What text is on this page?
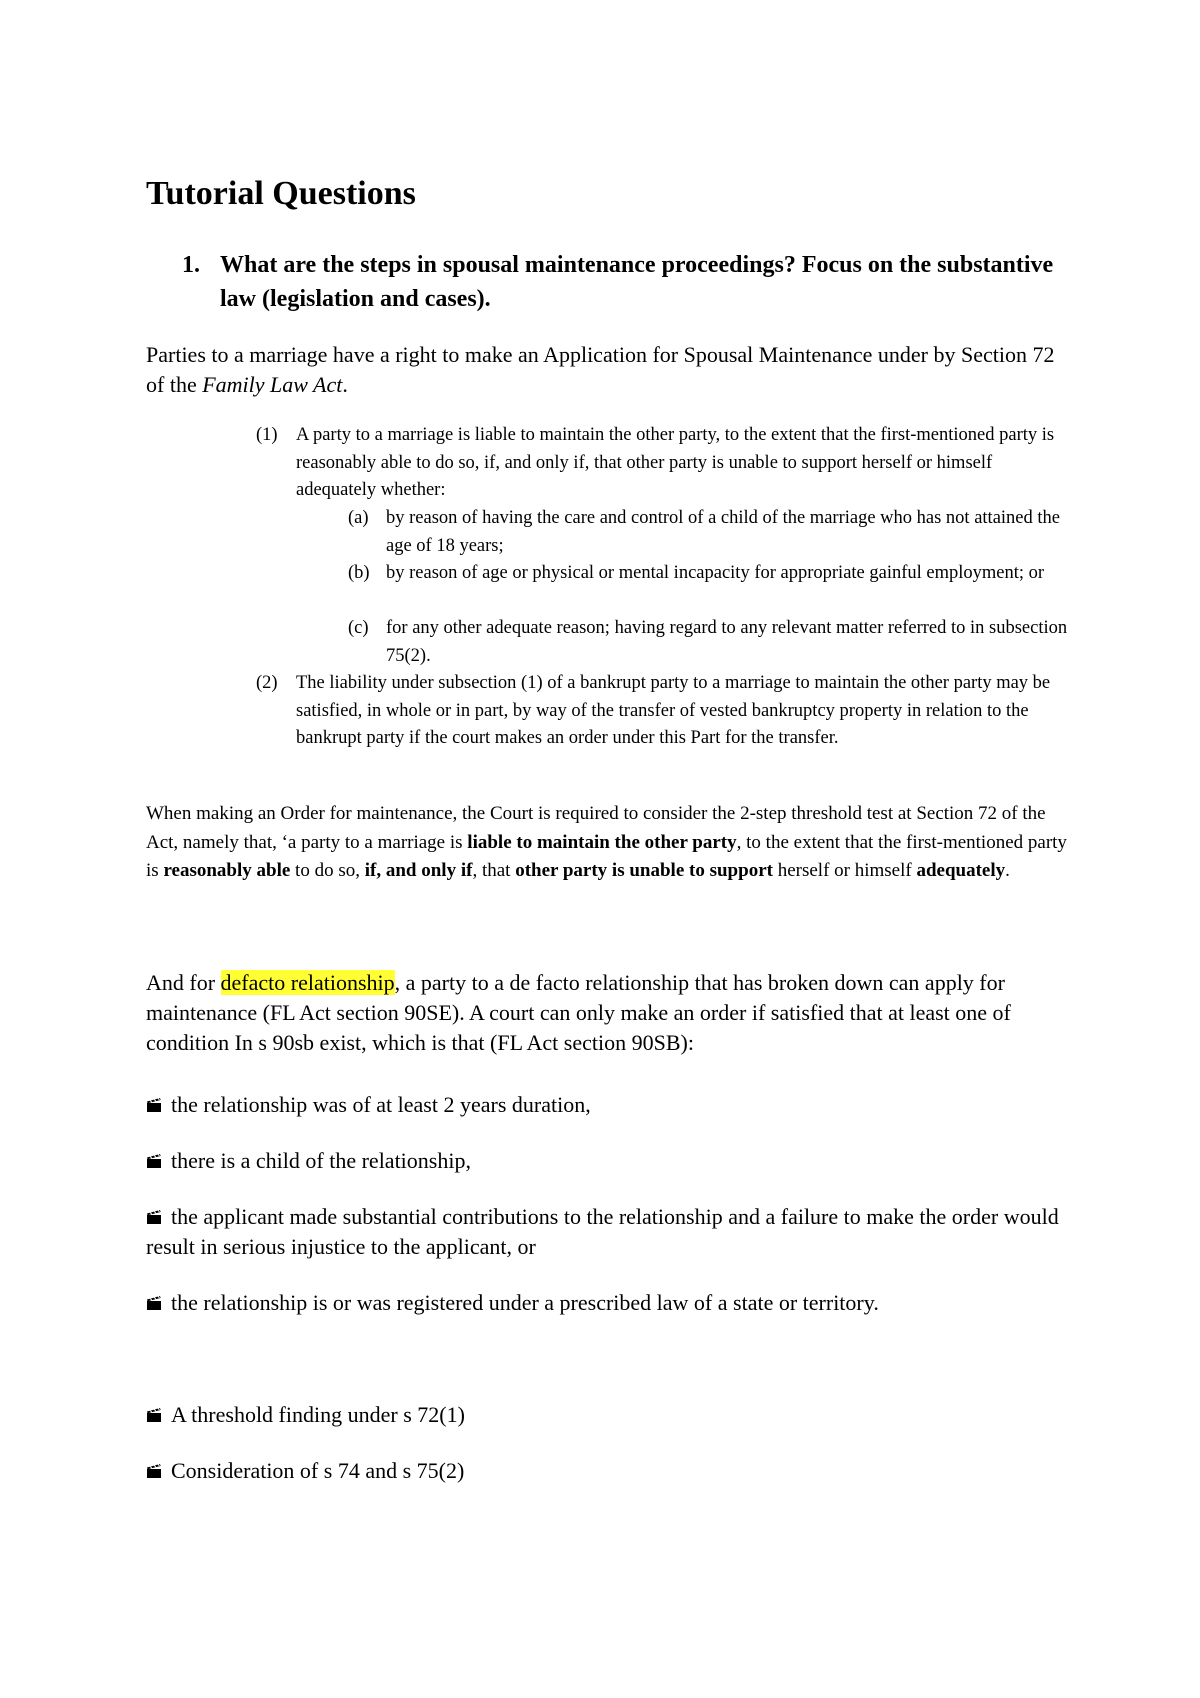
Tutorial Questions
1. What are the steps in spousal maintenance proceedings? Focus on the substantive law (legislation and cases).

Parties to a marriage have a right to make an Application for Spousal Maintenance under by Section 72 of the Family Law Act.

(1) A party to a marriage is liable to maintain the other party, to the extent that the first-mentioned party is reasonably able to do so, if, and only if, that other party is unable to support herself or himself adequately whether:
(a) by reason of having the care and control of a child of the marriage who has not attained the age of 18 years;
(b) by reason of age or physical or mental incapacity for appropriate gainful employment; or
(c) for any other adequate reason; having regard to any relevant matter referred to in subsection 75(2).
(2) The liability under subsection (1) of a bankrupt party to a marriage to maintain the other party may be satisfied, in whole or in part, by way of the transfer of vested bankruptcy property in relation to the bankrupt party if the court makes an order under this Part for the transfer.

When making an Order for maintenance, the Court is required to consider the 2-step threshold test at Section 72 of the Act, namely that, ‘a party to a marriage is liable to maintain the other party, to the extent that the first-mentioned party is reasonably able to do so, if, and only if, that other party is unable to support herself or himself adequately.

And for defacto relationship, a party to a de facto relationship that has broken down can apply for maintenance (FL Act section 90SE). A court can only make an order if satisfied that at least one of condition In s 90sb exist, which is that (FL Act section 90SB):

the relationship was of at least 2 years duration,
there is a child of the relationship,
the applicant made substantial contributions to the relationship and a failure to make the order would result in serious injustice to the applicant, or
the relationship is or was registered under a prescribed law of a state or territory.
A threshold finding under s 72(1)
Consideration of s 74 and s 75(2)
